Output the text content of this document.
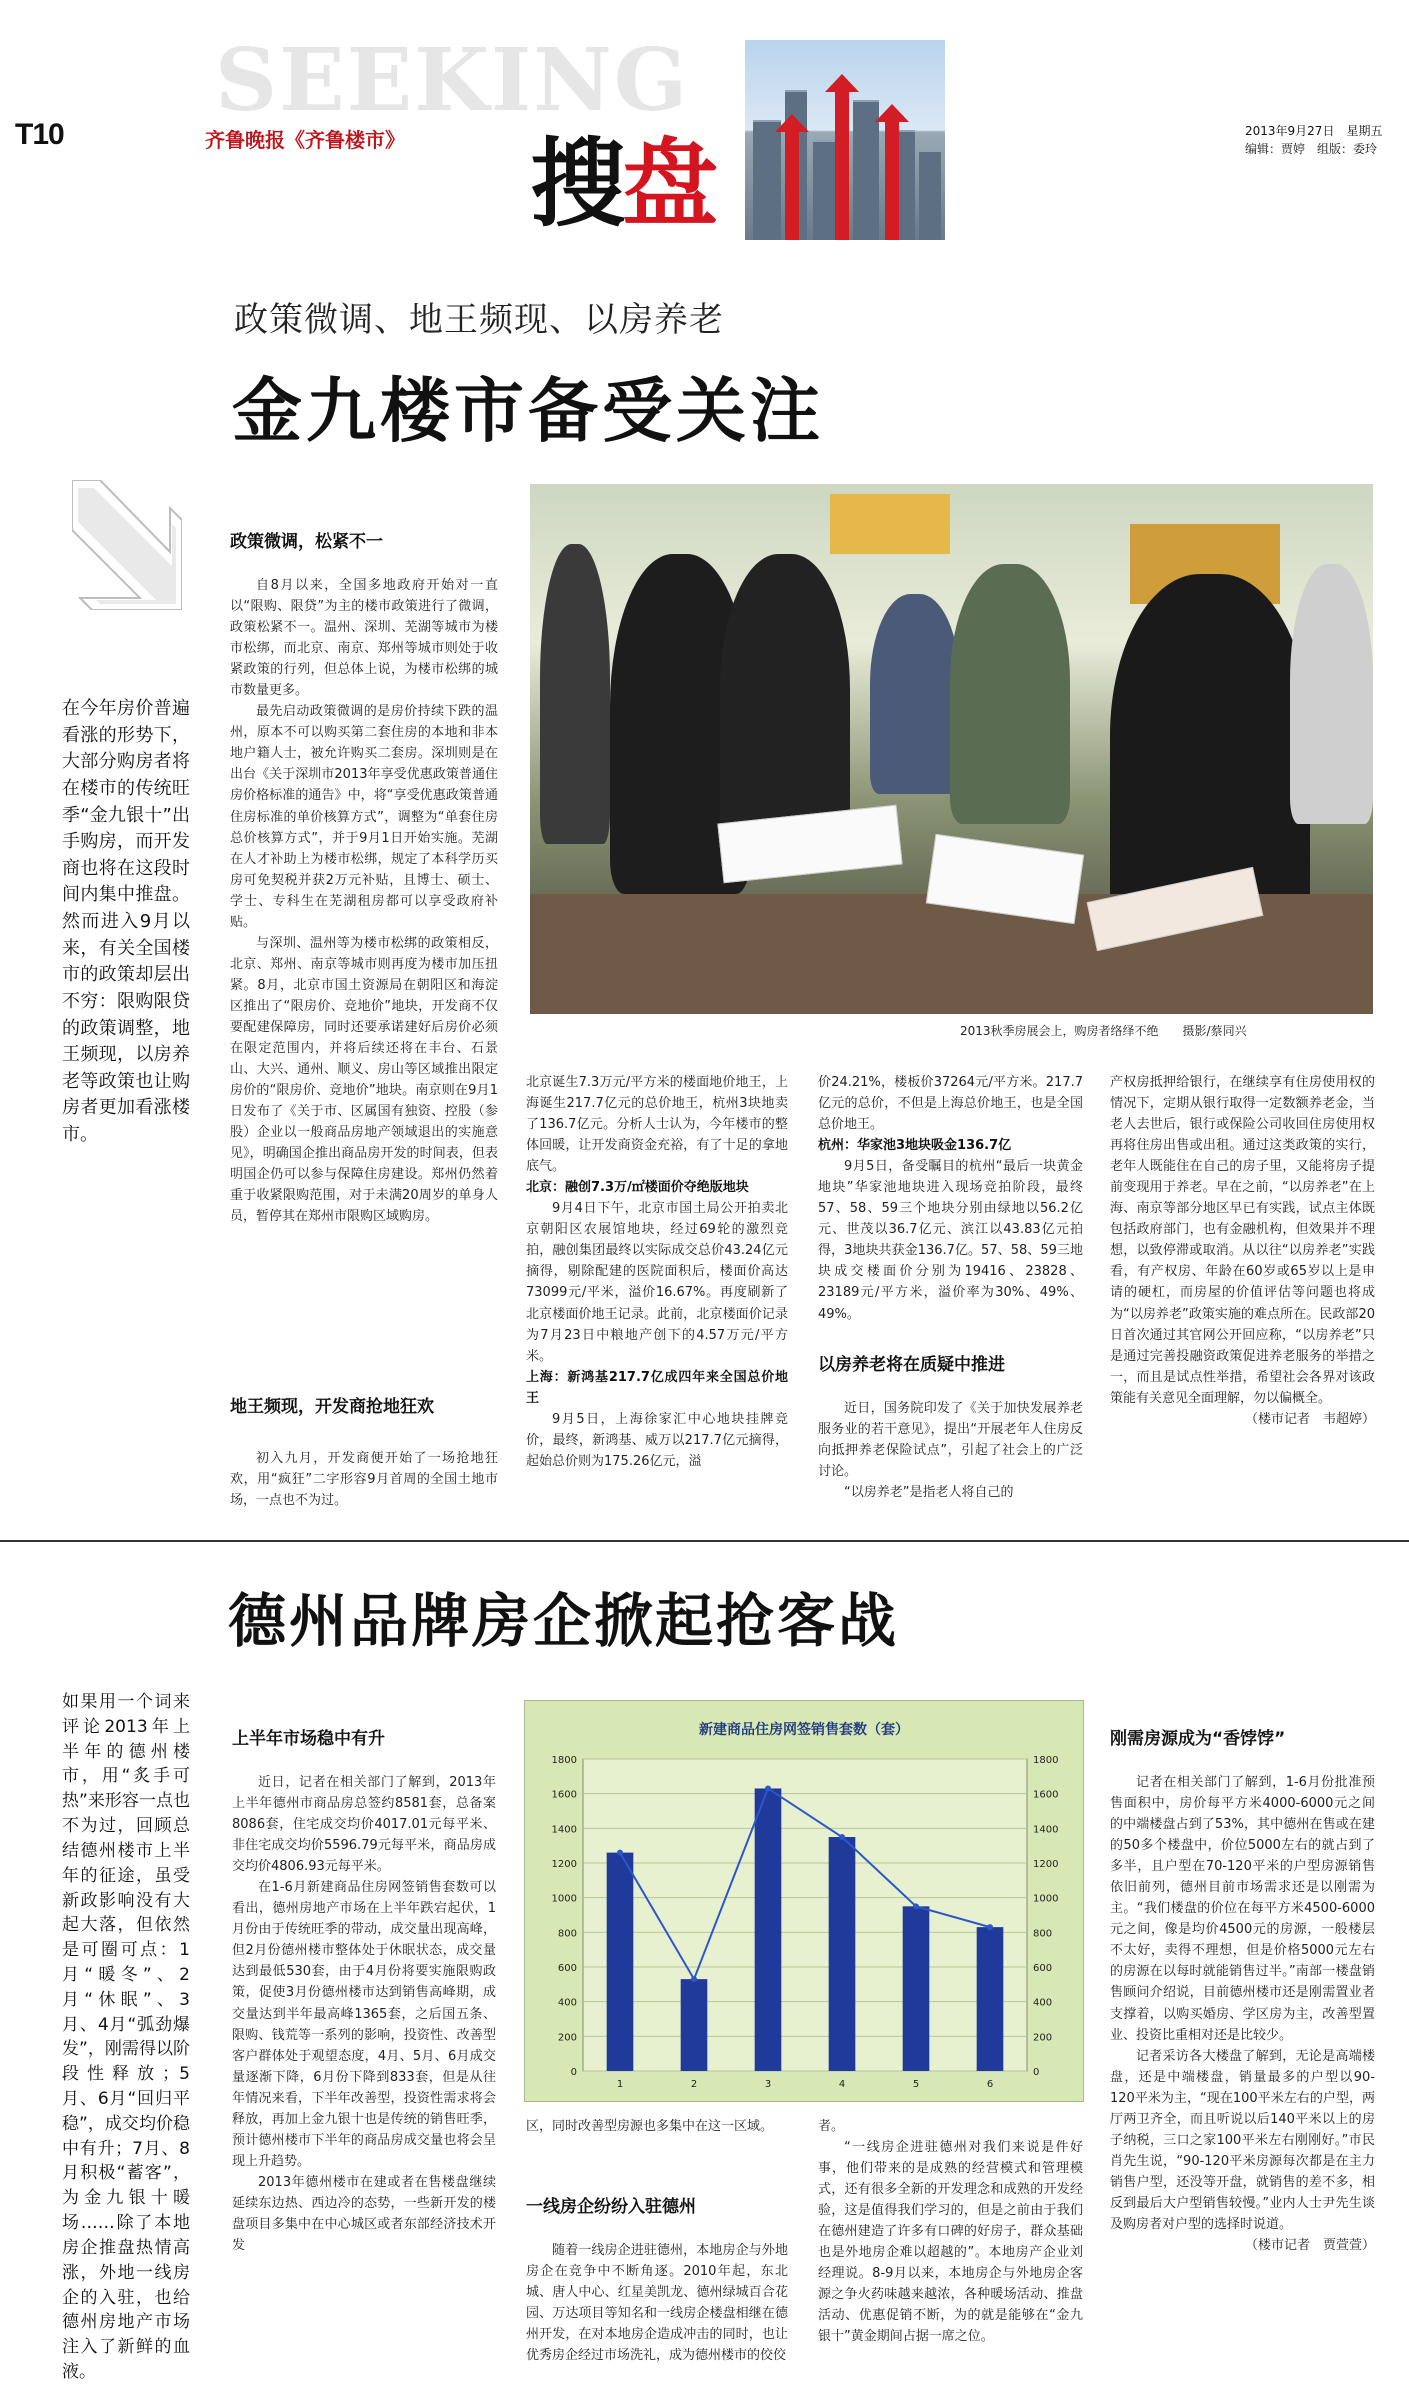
T10
SEEKING
齐鲁晚报《齐鲁楼市》 搜盘	2013年9月27日　星期五
编辑：贾婷　组版：委玲
政策微调、地王频现、以房养老
金九楼市备受关注
在今年房价普遍看涨的形势下，大部分购房者将在楼市的传统旺季“金九银十”出手购房，而开发商也将在这段时间内集中推盘。然而进入9月以来，有关全国楼市的政策却层出不穷：限购限贷的政策调整，地王频现，以房养老等政策也让购房者更加看涨楼市。
2013秋季房展会上，购房者络绎不绝　　摄影/蔡同兴
政策微调，松紧不一

自8月以来，全国多地政府开始对一直以“限购、限贷”为主的楼市政策进行了微调，政策松紧不一。温州、深圳、芜湖等城市为楼市松绑，而北京、南京、郑州等城市则处于收紧政策的行列，但总体上说，为楼市松绑的城市数量更多。

最先启动政策微调的是房价持续下跌的温州，原本不可以购买第二套住房的本地和非本地户籍人士，被允许购买二套房。深圳则是在出台《关于深圳市2013年享受优惠政策普通住房价格标准的通告》中，将“享受优惠政策普通住房标准的单价核算方式”，调整为“单套住房总价核算方式”，并于9月1日开始实施。芜湖在人才补助上为楼市松绑，规定了本科学历买房可免契税并获2万元补贴，且博士、硕士、学士、专科生在芜湖租房都可以享受政府补贴。

与深圳、温州等为楼市松绑的政策相反，北京、郑州、南京等城市则再度为楼市加压扭紧。8月，北京市国土资源局在朝阳区和海淀区推出了“限房价、竞地价”地块，开发商不仅要配建保障房，同时还要承诺建好后房价必须在限定范围内，并将后续还将在丰台、石景山、大兴、通州、顺义、房山等区域推出限定房价的“限房价、竞地价”地块。南京则在9月1日发布了《关于市、区属国有独资、控股（参股）企业以一般商品房地产领域退出的实施意见》，明确国企推出商品房开发的时间表，但表明国企仍可以参与保障住房建设。郑州仍然着重于收紧限购范围，对于未满20周岁的单身人员，暂停其在郑州市限购区域购房。

地王频现，开发商抢地狂欢

初入九月，开发商便开始了一场抢地狂欢，用“疯狂”二字形容9月首周的全国土地市场，一点也不为过。

北京诞生7.3万元/平方米的楼面地价地王，上海诞生217.7亿元的总价地王，杭州3块地卖了136.7亿元。分析人士认为，今年楼市的整体回暖，让开发商资金充裕，有了十足的拿地底气。

北京：融创7.3万/㎡楼面价夺绝版地块

9月4日下午，北京市国土局公开拍卖北京朝阳区农展馆地块，经过69轮的激烈竞拍，融创集团最终以实际成交总价43.24亿元摘得，剔除配建的医院面积后，楼面价高达73099元/平米，溢价16.67%。再度刷新了北京楼面价地王记录。此前，北京楼面价记录为7月23日中粮地产创下的4.57万元/平方米。

上海：新鸿基217.7亿成四年来全国总价地王

9月5日，上海徐家汇中心地块挂牌竞价，最终，新鸿基、威万以217.7亿元摘得，起始总价则为175.26亿元，溢

价24.21%，楼板价37264元/平方米。217.7亿元的总价，不但是上海总价地王，也是全国总价地王。

杭州：华家池3地块吸金136.7亿

9月5日，备受瞩目的杭州“最后一块黄金地块”华家池地块进入现场竞拍阶段，最终57、58、59三个地块分别由绿地以56.2亿元、世茂以36.7亿元、滨江以43.83亿元拍得，3地块共获金136.7亿。57、58、59三地块成交楼面价分别为19416、23828、23189元/平方米，溢价率为30%、49%、49%。

以房养老将在质疑中推进

近日，国务院印发了《关于加快发展养老服务业的若干意见》，提出“开展老年人住房反向抵押养老保险试点”，引起了社会上的广泛讨论。

“以房养老”是指老人将自己的

产权房抵押给银行，在继续享有住房使用权的情况下，定期从银行取得一定数额养老金，当老人去世后，银行或保险公司收回住房使用权再将住房出售或出租。通过这类政策的实行，老年人既能住在自己的房子里，又能将房子提前变现用于养老。早在之前，“以房养老”在上海、南京等部分地区早已有实践，试点主体既包括政府部门，也有金融机构，但效果并不理想，以致停滞或取消。从以往“以房养老”实践看，有产权房、年龄在60岁或65岁以上是申请的硬杠，而房屋的价值评估等问题也将成为“以房养老”政策实施的难点所在。民政部20日首次通过其官网公开回应称，“以房养老”只是通过完善投融资政策促进养老服务的举措之一，而且是试点性举措，希望社会各界对该政策能有关意见全面理解，勿以偏概全。

（楼市记者　韦超婷）

德州品牌房企掀起抢客战
如果用一个词来评论2013年上半年的德州楼市，用“炙手可热”来形容一点也不为过，回顾总结德州楼市上半年的征途，虽受新政影响没有大起大落，但依然是可圈可点：1月“暖冬”、2月“休眠”、3月、4月“弧劲爆发”，刚需得以阶段性释放；5月、6月“回归平稳”，成交均价稳中有升；7月、8月积极“蓄客”，为金九银十暖场……除了本地房企推盘热情高涨，外地一线房企的入驻，也给德州房地产市场注入了新鲜的血液。
上半年市场稳中有升

近日，记者在相关部门了解到，2013年上半年德州市商品房总签约8581套，总备案8086套，住宅成交均价4017.01元每平米、非住宅成交均价5596.79元每平米，商品房成交均价4806.93元每平米。

在1-6月新建商品住房网签销售套数可以看出，德州房地产市场在上半年跌宕起伏，1月份由于传统旺季的带动，成交量出现高峰，但2月份德州楼市整体处于休眠状态，成交量达到最低530套，由于4月份将要实施限购政策，促使3月份德州楼市达到销售高峰期，成交量达到半年最高峰1365套，之后国五条、限购、钱荒等一系列的影响，投资性、改善型客户群体处于观望态度，4月、5月、6月成交量逐渐下降，6月份下降到833套，但是从往年情况来看，下半年改善型，投资性需求将会释放，再加上金九银十也是传统的销售旺季，预计德州楼市下半年的商品房成交量也将会呈现上升趋势。

2013年德州楼市在建或者在售楼盘继续延续东边热、西边冷的态势，一些新开发的楼盘项目多集中在中心城区或者东部经济技术开发

新建商品住房网签销售套数（套）
0	0
200	200
400	400
600	600
800	800
1000	1000
1200	1200
1400	1400
1600	1600
1800	1800
1	2	3	4	5	6

区，同时改善型房源也多集中在这一区域。

一线房企纷纷入驻德州

随着一线房企进驻德州，本地房企与外地房企在竞争中不断角逐。2010年起，东北城、唐人中心、红星美凯龙、德州绿城百合花园、万达项目等知名和一线房企楼盘相继在德州开发，在对本地房企造成冲击的同时，也让优秀房企经过市场洗礼，成为德州楼市的佼佼

者。

“一线房企进驻德州对我们来说是件好事，他们带来的是成熟的经营模式和管理模式，还有很多全新的开发理念和成熟的开发经验，这是值得我们学习的，但是之前由于我们在德州建造了许多有口碑的好房子，群众基础也是外地房企难以超越的”。本地房产企业刘经理说。8-9月以来，本地房企与外地房企客源之争火药味越来越浓，各种暖场活动、推盘活动、优惠促销不断，为的就是能够在“金九银十”黄金期间占据一席之位。

刚需房源成为“香饽饽”

记者在相关部门了解到，1-6月份批准预售面积中，房价每平方米4000-6000元之间的中端楼盘占到了53%，其中德州在售或在建的50多个楼盘中，价位5000左右的就占到了多半，且户型在70-120平米的户型房源销售依旧前列，德州目前市场需求还是以刚需为主。“我们楼盘的价位在每平方米4500-6000元之间，像是均价4500元的房源，一般楼层不太好，卖得不理想，但是价格5000元左右的房源在以每时就能销售过半。”南部一楼盘销售顾问介绍说，目前德州楼市还是刚需置业者支撑着，以购买婚房、学区房为主，改善型置业、投资比重相对还是比较少。

记者采访各大楼盘了解到，无论是高端楼盘，还是中端楼盘，销量最多的户型以90-120平米为主，“现在100平米左右的户型，两厅两卫齐全，而且听说以后140平米以上的房子纳税，三口之家100平米左右刚刚好。”市民肖先生说，“90-120平米房源每次都是在主力销售户型，还没等开盘，就销售的差不多，相反到最后大户型销售较慢。”业内人士尹先生谈及购房者对户型的选择时说道。

（楼市记者　贾萱萱）
